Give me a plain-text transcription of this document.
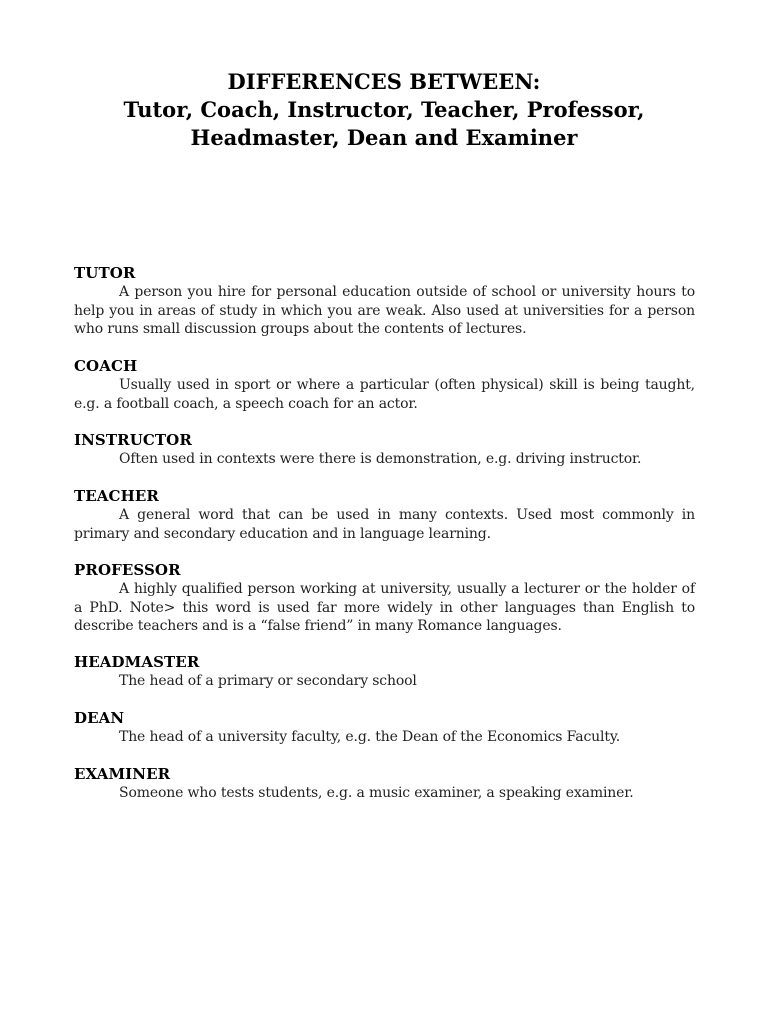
DIFFERENCES BETWEEN:
Tutor, Coach, Instructor, Teacher, Professor,
Headmaster, Dean and Examiner
TUTOR

A person you hire for personal education outside of school or university hours to help you in areas of study in which you are weak. Also used at universities for a person who runs small discussion groups about the contents of lectures.

COACH

Usually used in sport or where a particular (often physical) skill is being taught, e.g. a football coach, a speech coach for an actor.

INSTRUCTOR

Often used in contexts were there is demonstration, e.g. driving instructor.

TEACHER

A general word that can be used in many contexts. Used most commonly in primary and secondary education and in language learning.

PROFESSOR

A highly qualified person working at university, usually a lecturer or the holder of a PhD. Note> this word is used far more widely in other languages than English to describe teachers and is a “false friend” in many Romance languages.

HEADMASTER

The head of a primary or secondary school

DEAN

The head of a university faculty, e.g. the Dean of the Economics Faculty.

EXAMINER

Someone who tests students, e.g. a music examiner, a speaking examiner.
